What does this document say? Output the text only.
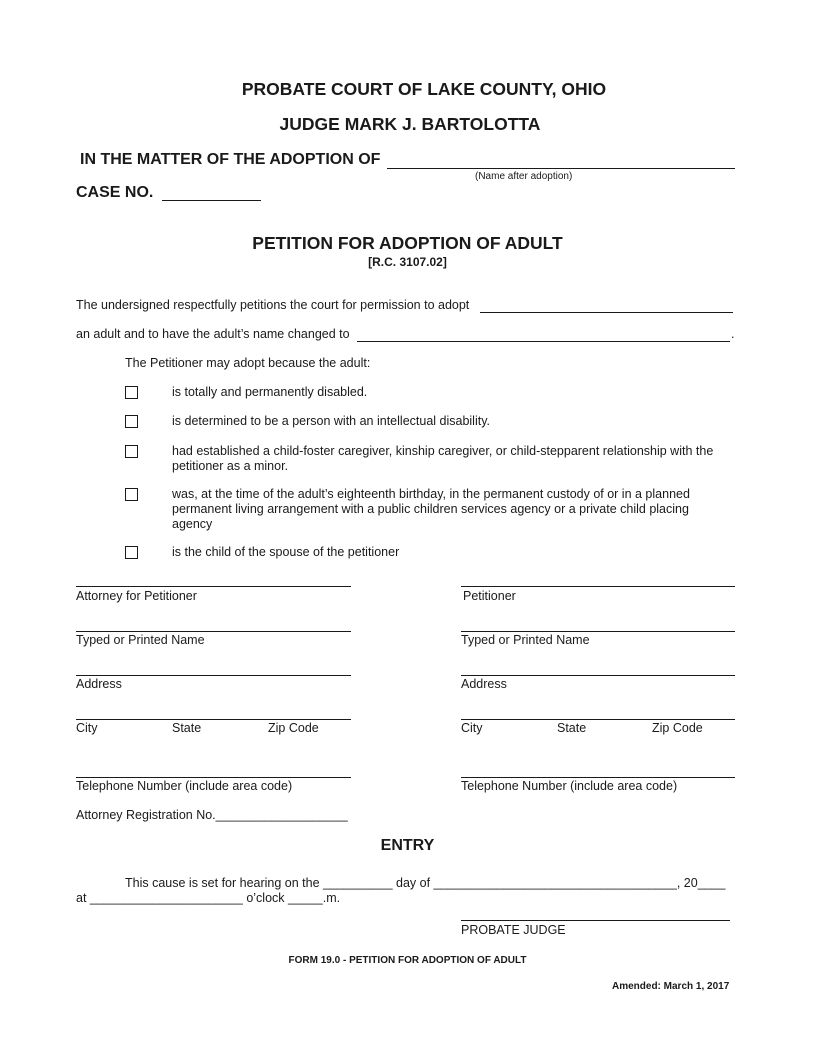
PROBATE COURT OF LAKE COUNTY, OHIO
JUDGE MARK J. BARTOLOTTA
IN THE MATTER OF THE ADOPTION OF
(Name after adoption)
CASE NO.
PETITION FOR ADOPTION OF ADULT
[R.C. 3107.02]
The undersigned respectfully petitions the court for permission to adopt
an adult and to have the adult’s name changed to	.
The Petitioner may adopt because the adult:
is totally and permanently disabled.
is determined to be a person with an intellectual disability.
had established a child-foster caregiver, kinship caregiver, or child-stepparent relationship with the petitioner as a minor.
was, at the time of the adult’s eighteenth birthday, in the permanent custody of or in a planned permanent living arrangement with a public children services agency or a private child placing agency
is the child of the spouse of the petitioner
Attorney for Petitioner
Typed or Printed Name
Address
City	State	Zip Code
Telephone Number (include area code)
Attorney Registration No.___________________
Petitioner
Typed or Printed Name
Address
City	State	Zip Code
Telephone Number (include area code)
ENTRY
This cause is set for hearing on the __________ day of ___________________________________, 20____
at ______________________ o’clock _____.m.
PROBATE JUDGE
FORM 19.0 - PETITION FOR ADOPTION OF ADULT
Amended: March 1, 2017
